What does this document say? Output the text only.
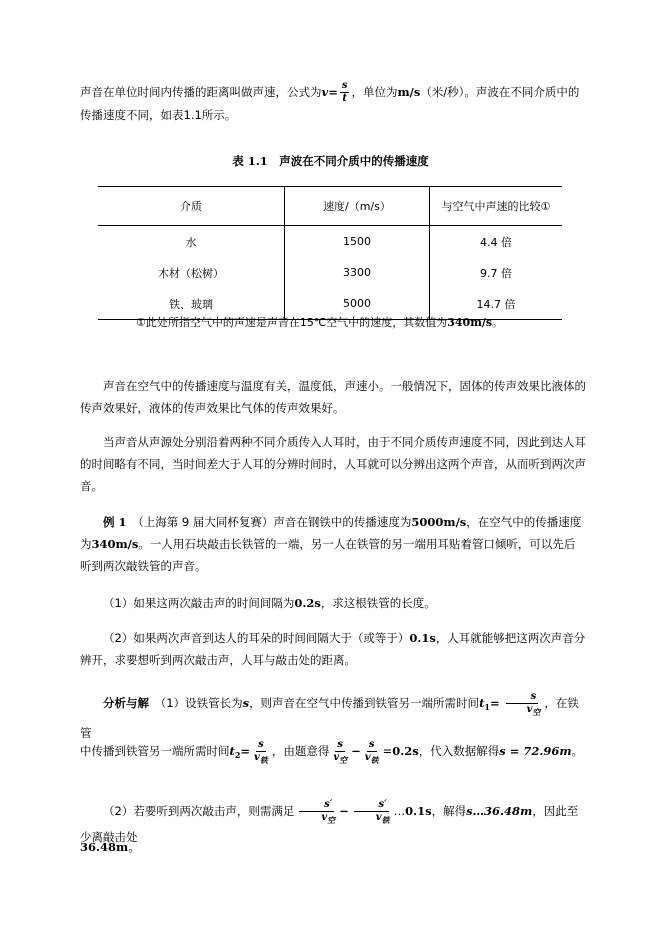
声音在单位时间内传播的距离叫做声速，公式为$v= \frac{s}{t}$ ，单位为m/s（米/秒）。声波在不同介质中的传播速度不同，如表1.1所示。

表 1.1　声波在不同介质中的传播速度
介质	速度/（m/s）	与空气中声速的比较①
水	1500	4.4 倍
木材（松树）	3300	9.7 倍
铁、玻璃	5000	14.7 倍
①此处所指空气中的声速是声音在15℃空气中的速度，其数值为340m/s。

声音在空气中的传播速度与温度有关，温度低，声速小。一般情况下，固体的传声效果比液体的传声效果好，液体的传声效果比气体的传声效果好。

当声音从声源处分别沿着两种不同介质传入人耳时，由于不同介质传声速度不同，因此到达人耳的时间略有不同，当时间差大于人耳的分辨时间时，人耳就可以分辨出这两个声音，从而听到两次声音。

例 1　 （上海第 9 届大同杯复赛）声音在钢铁中的传播速度为5000m/s，在空气中的传播速度为340m/s。一人用石块敲击长铁管的一端，另一人在铁管的另一端用耳贴着管口倾听，可以先后听到两次敲铁管的声音。

（1）如果这两次敲击声的时间间隔为0.2s，求这根铁管的长度。

（2）如果两次声音到达人的耳朵的时间间隔大于（或等于）0.1s，人耳就能够把这两次声音分辨开，求要想听到两次敲击声，人耳与敲击处的距离。

分析与解　 （1）设铁管长为s，则声音在空气中传播到铁管另一端所需时间$t_1= \frac{s}{v_空}$ ，在铁管

中传播到铁管另一端所需时间$t_2= \frac{s}{v_铁}$ ，由题意得 $\frac{s}{v_空} - \frac{s}{v_铁} =0.2s$，代入数据解得s = 72.96m。

（2）若要听到两次敲击声，则需满足 $\frac{s'}{v_空} - \frac{s'}{v_铁}$ …0.1s，解得s…36.48m，因此至少离敲击处

36.48m。
